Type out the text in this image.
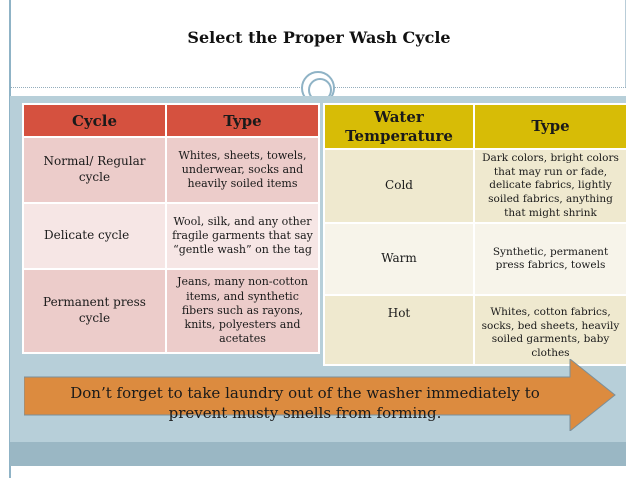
Select the Proper Wash Cycle
Cycle	Type
Normal/ Regular cycle	Whites, sheets, towels, underwear, socks and heavily soiled items
Delicate cycle	Wool, silk, and any other fragile garments that say “gentle wash” on the tag
Permanent press cycle	Jeans, many non-cotton items, and synthetic fibers such as rayons, knits, polyesters and acetates
Water Temperature	Type
Cold	Dark colors, bright colors that may run or fade, delicate fabrics, lightly soiled fabrics, anything that might shrink
Warm	Synthetic, permanent press fabrics, towels
Hot	Whites, cotton fabrics, socks, bed sheets, heavily soiled garments, baby clothes
Don’t forget to take laundry out of the washer immediately to prevent musty smells from forming.
